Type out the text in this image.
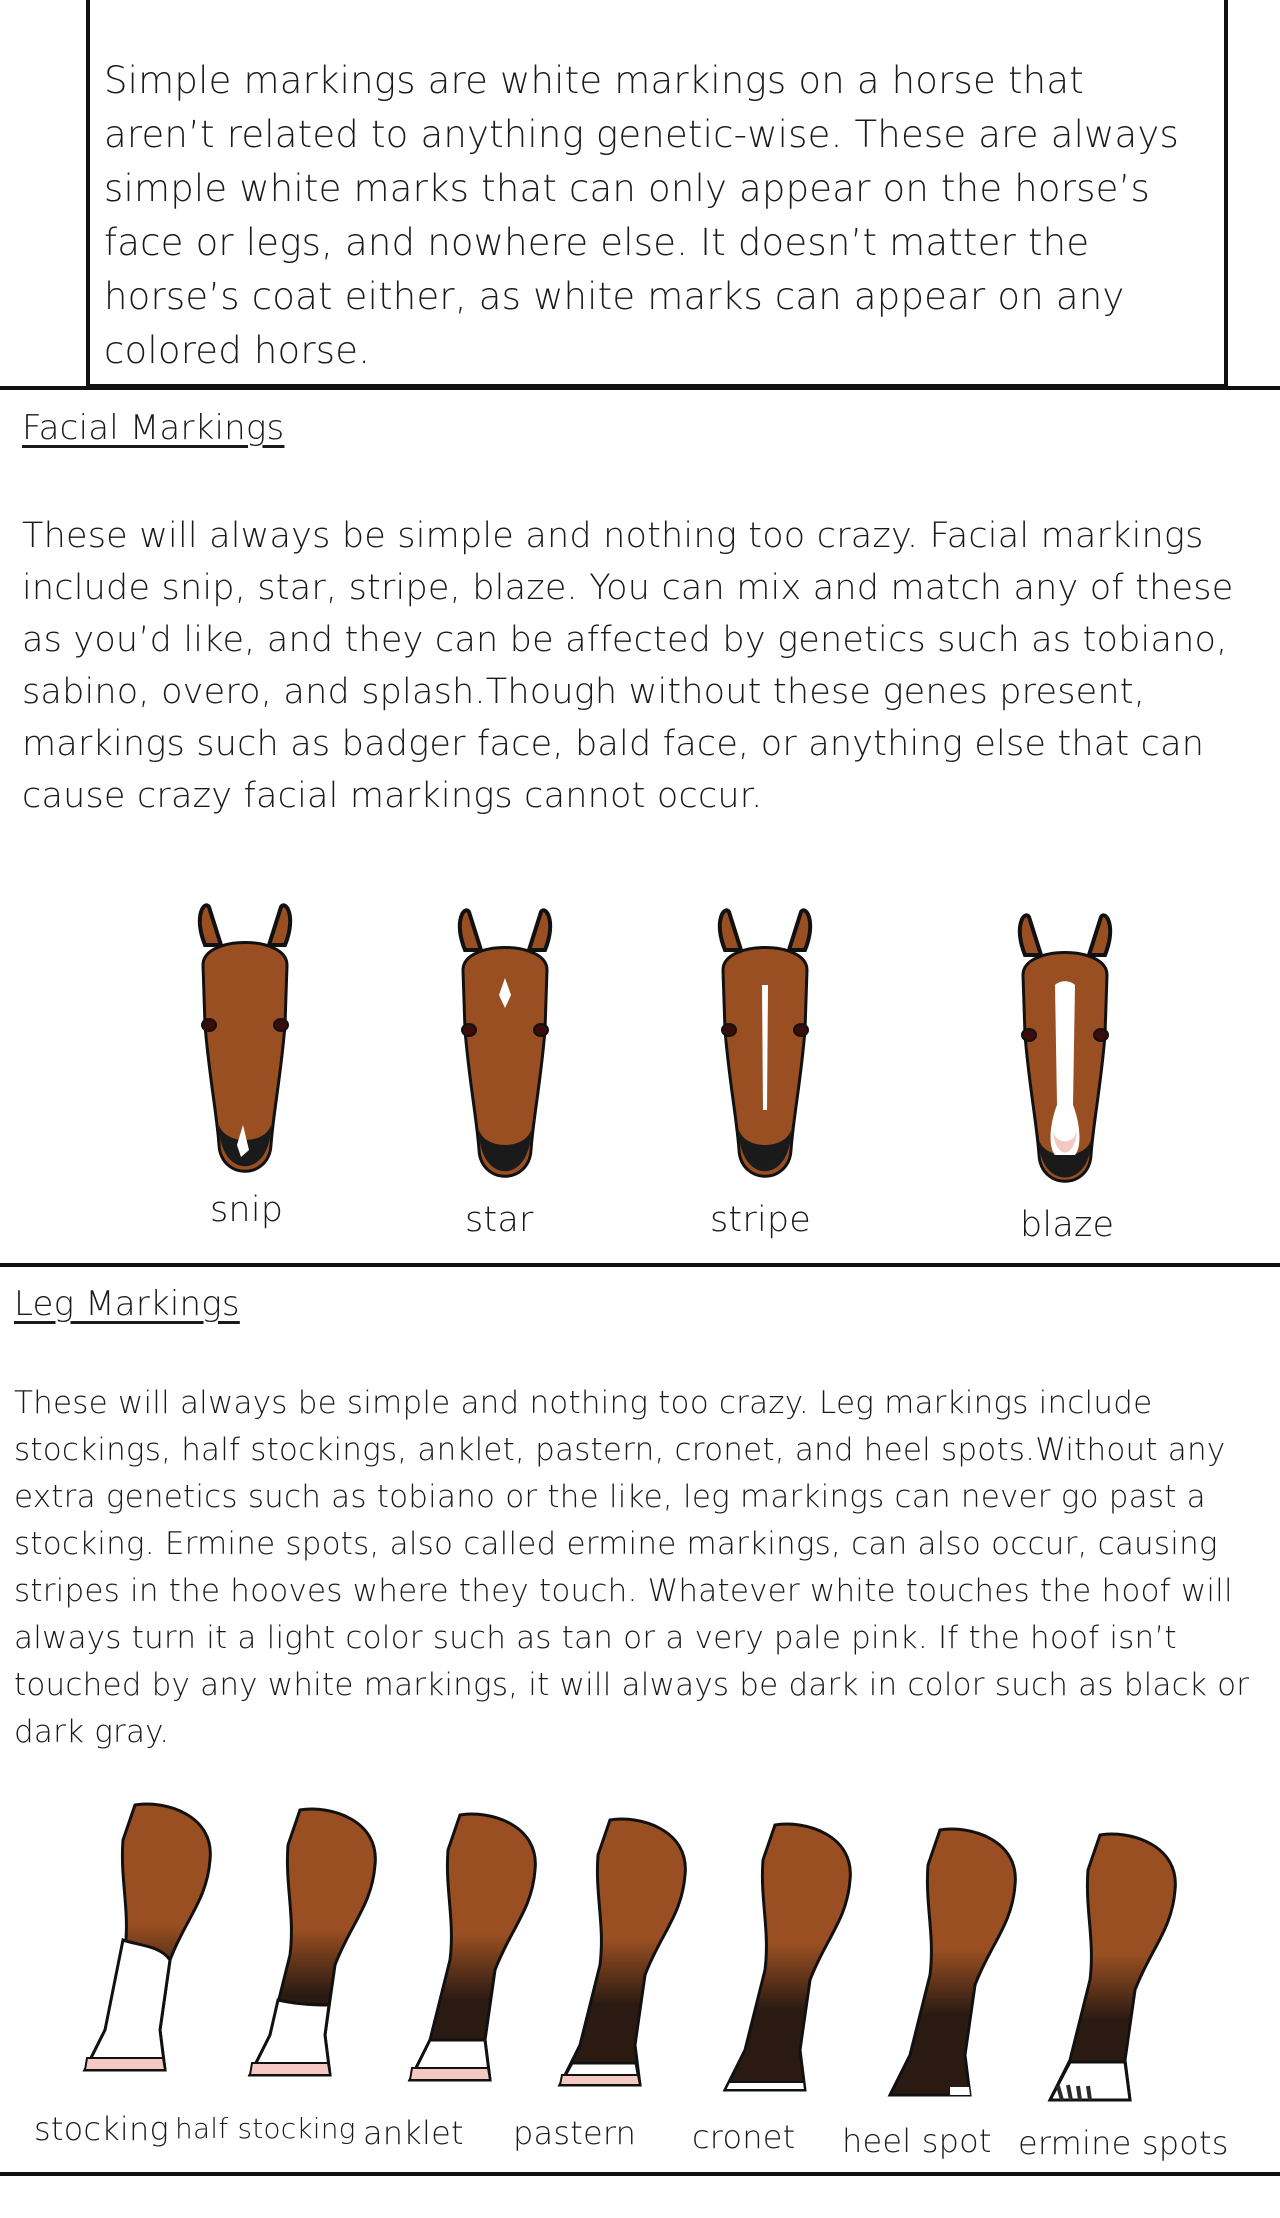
Simple markings are white markings on a horse that aren’t related to anything genetic-wise. These are always simple white marks that can only appear on the horse’s face or legs, and nowhere else. It doesn’t matter the horse’s coat either, as white marks can appear on any colored horse.

Facial Markings

These will always be simple and nothing too crazy. Facial markings include snip, star, stripe, blaze. You can mix and match any of these as you’d like, and they can be affected by genetics such as tobiano, sabino, overo, and splash.Though without these genes present, markings such as badger face, bald face, or anything else that can cause crazy facial markings cannot occur.

snip	star	stripe	blaze
Leg Markings

These will always be simple and nothing too crazy. Leg markings include stockings, half stockings, anklet, pastern, cronet, and heel spots.Without any extra genetics such as tobiano or the like, leg markings can never go past a stocking. Ermine spots, also called ermine markings, can also occur, causing stripes in the hooves where they touch. Whatever white touches the hoof will always turn it a light color such as tan or a very pale pink. If the hoof isn’t touched by any white markings, it will always be dark in color such as black or dark gray.

stocking half stocking anklet pastern cronet heel spot ermine spots
